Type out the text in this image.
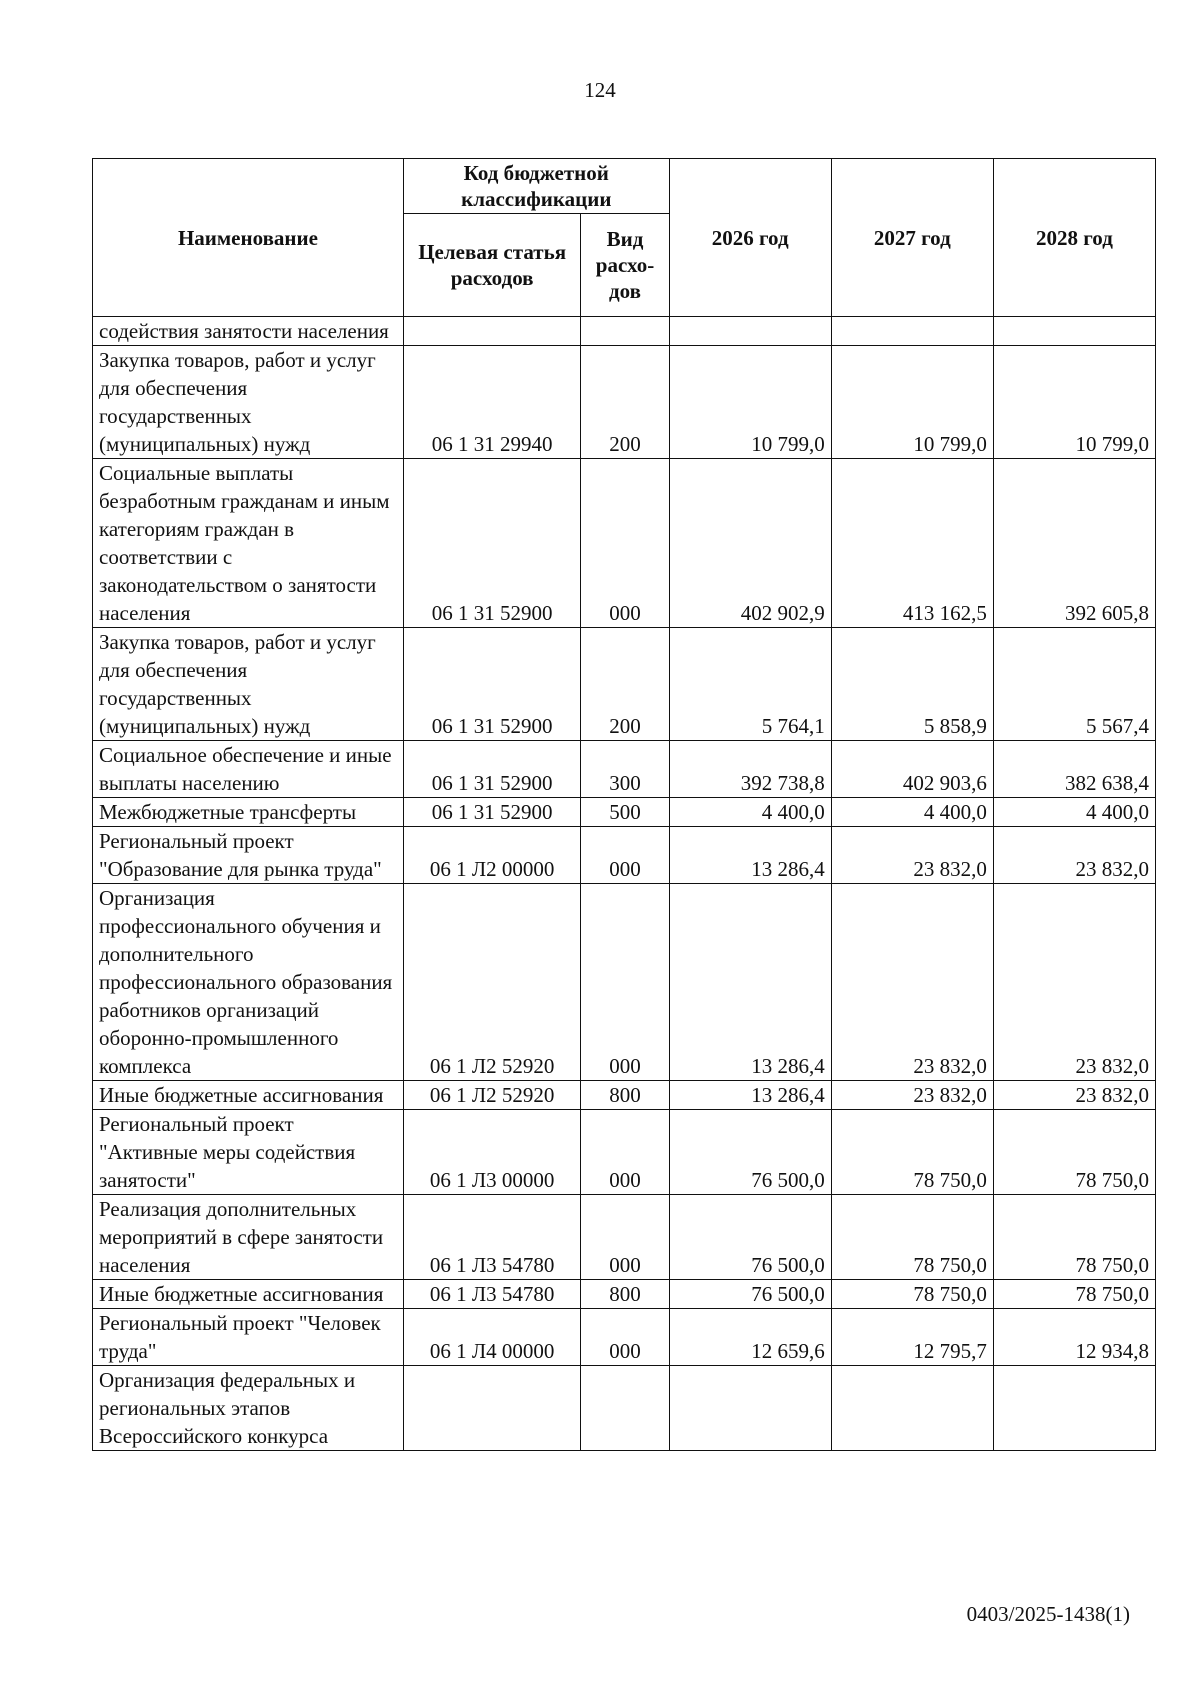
124
Наименование	Код бюджетной классификации		2026 год	2027 год	2028 год
	Целевая статья расходов	Вид расхо-дов			
содействия занятости населения					
Закупка товаров, работ и услуг для обеспечения государственных (муниципальных) нужд	06 1 31 29940	200	10 799,0	10 799,0	10 799,0
Социальные выплаты безработным гражданам и иным категориям граждан в соответствии с законодательством о занятости населения	06 1 31 52900	000	402 902,9	413 162,5	392 605,8
Закупка товаров, работ и услуг для обеспечения государственных (муниципальных) нужд	06 1 31 52900	200	5 764,1	5 858,9	5 567,4
Социальное обеспечение и иные выплаты населению	06 1 31 52900	300	392 738,8	402 903,6	382 638,4
Межбюджетные трансферты	06 1 31 52900	500	4 400,0	4 400,0	4 400,0
Региональный проект "Образование для рынка труда"	06 1 Л2 00000	000	13 286,4	23 832,0	23 832,0
Организация профессионального обучения и дополнительного профессионального образования работников организаций оборонно-промышленного комплекса	06 1 Л2 52920	000	13 286,4	23 832,0	23 832,0
Иные бюджетные ассигнования	06 1 Л2 52920	800	13 286,4	23 832,0	23 832,0
Региональный проект "Активные меры содействия занятости"	06 1 Л3 00000	000	76 500,0	78 750,0	78 750,0
Реализация дополнительных мероприятий в сфере занятости населения	06 1 Л3 54780	000	76 500,0	78 750,0	78 750,0
Иные бюджетные ассигнования	06 1 Л3 54780	800	76 500,0	78 750,0	78 750,0
Региональный проект "Человек труда"	06 1 Л4 00000	000	12 659,6	12 795,7	12 934,8
Организация федеральных и региональных этапов Всероссийского конкурса					
0403/2025-1438(1)
